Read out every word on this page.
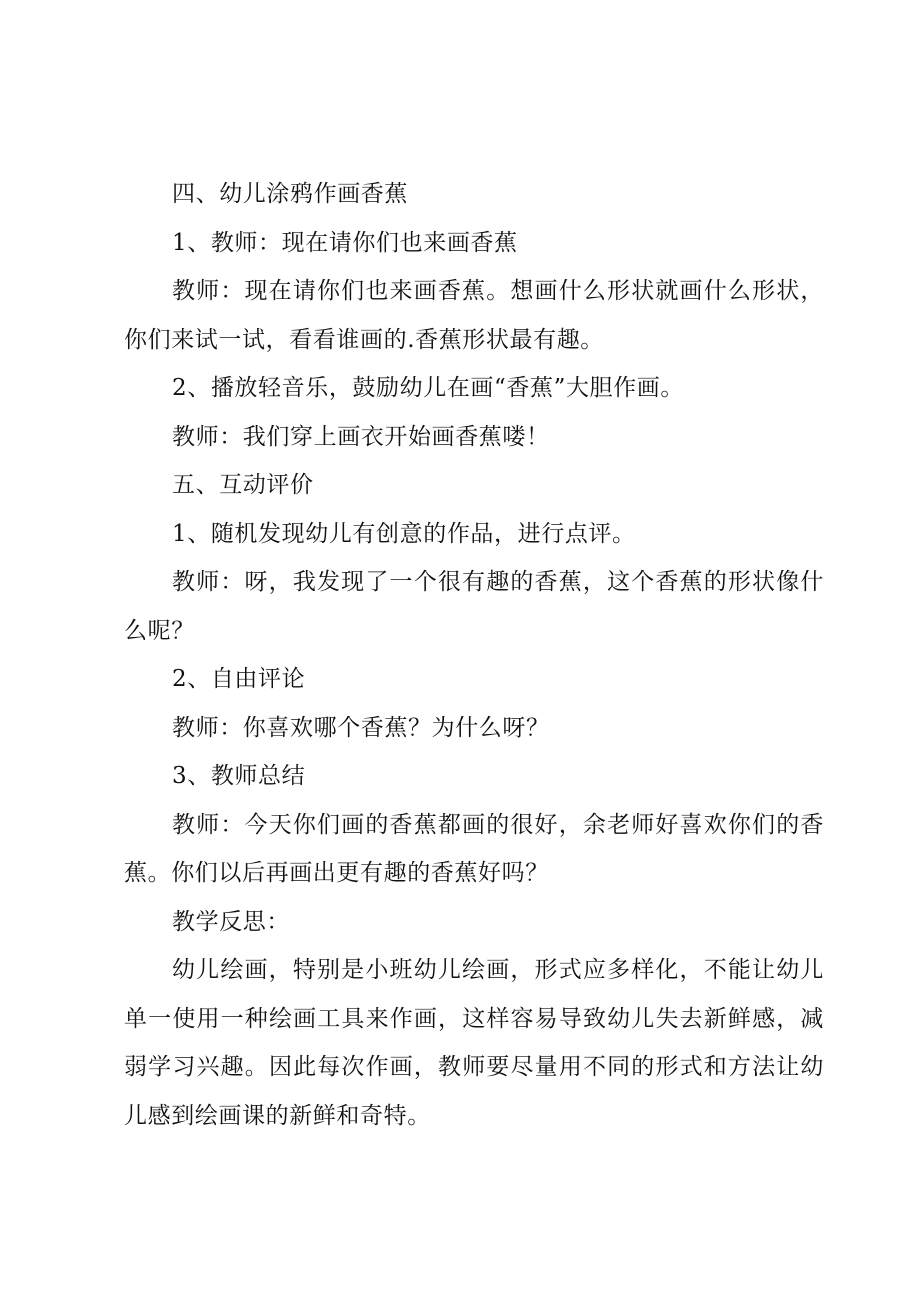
四、幼儿涂鸦作画香蕉

1、教师：现在请你们也来画香蕉

教师：现在请你们也来画香蕉。想画什么形状就画什么形状，你们来试一试，看看谁画的.香蕉形状最有趣。

2、播放轻音乐，鼓励幼儿在画“香蕉”大胆作画。

教师：我们穿上画衣开始画香蕉喽！

五、互动评价

1、随机发现幼儿有创意的作品，进行点评。

教师：呀，我发现了一个很有趣的香蕉，这个香蕉的形状像什么呢？

2、自由评论

教师：你喜欢哪个香蕉？为什么呀？

3、教师总结

教师：今天你们画的香蕉都画的很好，余老师好喜欢你们的香蕉。你们以后再画出更有趣的香蕉好吗？

教学反思：

幼儿绘画，特别是小班幼儿绘画，形式应多样化，不能让幼儿单一使用一种绘画工具来作画，这样容易导致幼儿失去新鲜感，减弱学习兴趣。因此每次作画，教师要尽量用不同的形式和方法让幼儿感到绘画课的新鲜和奇特。
